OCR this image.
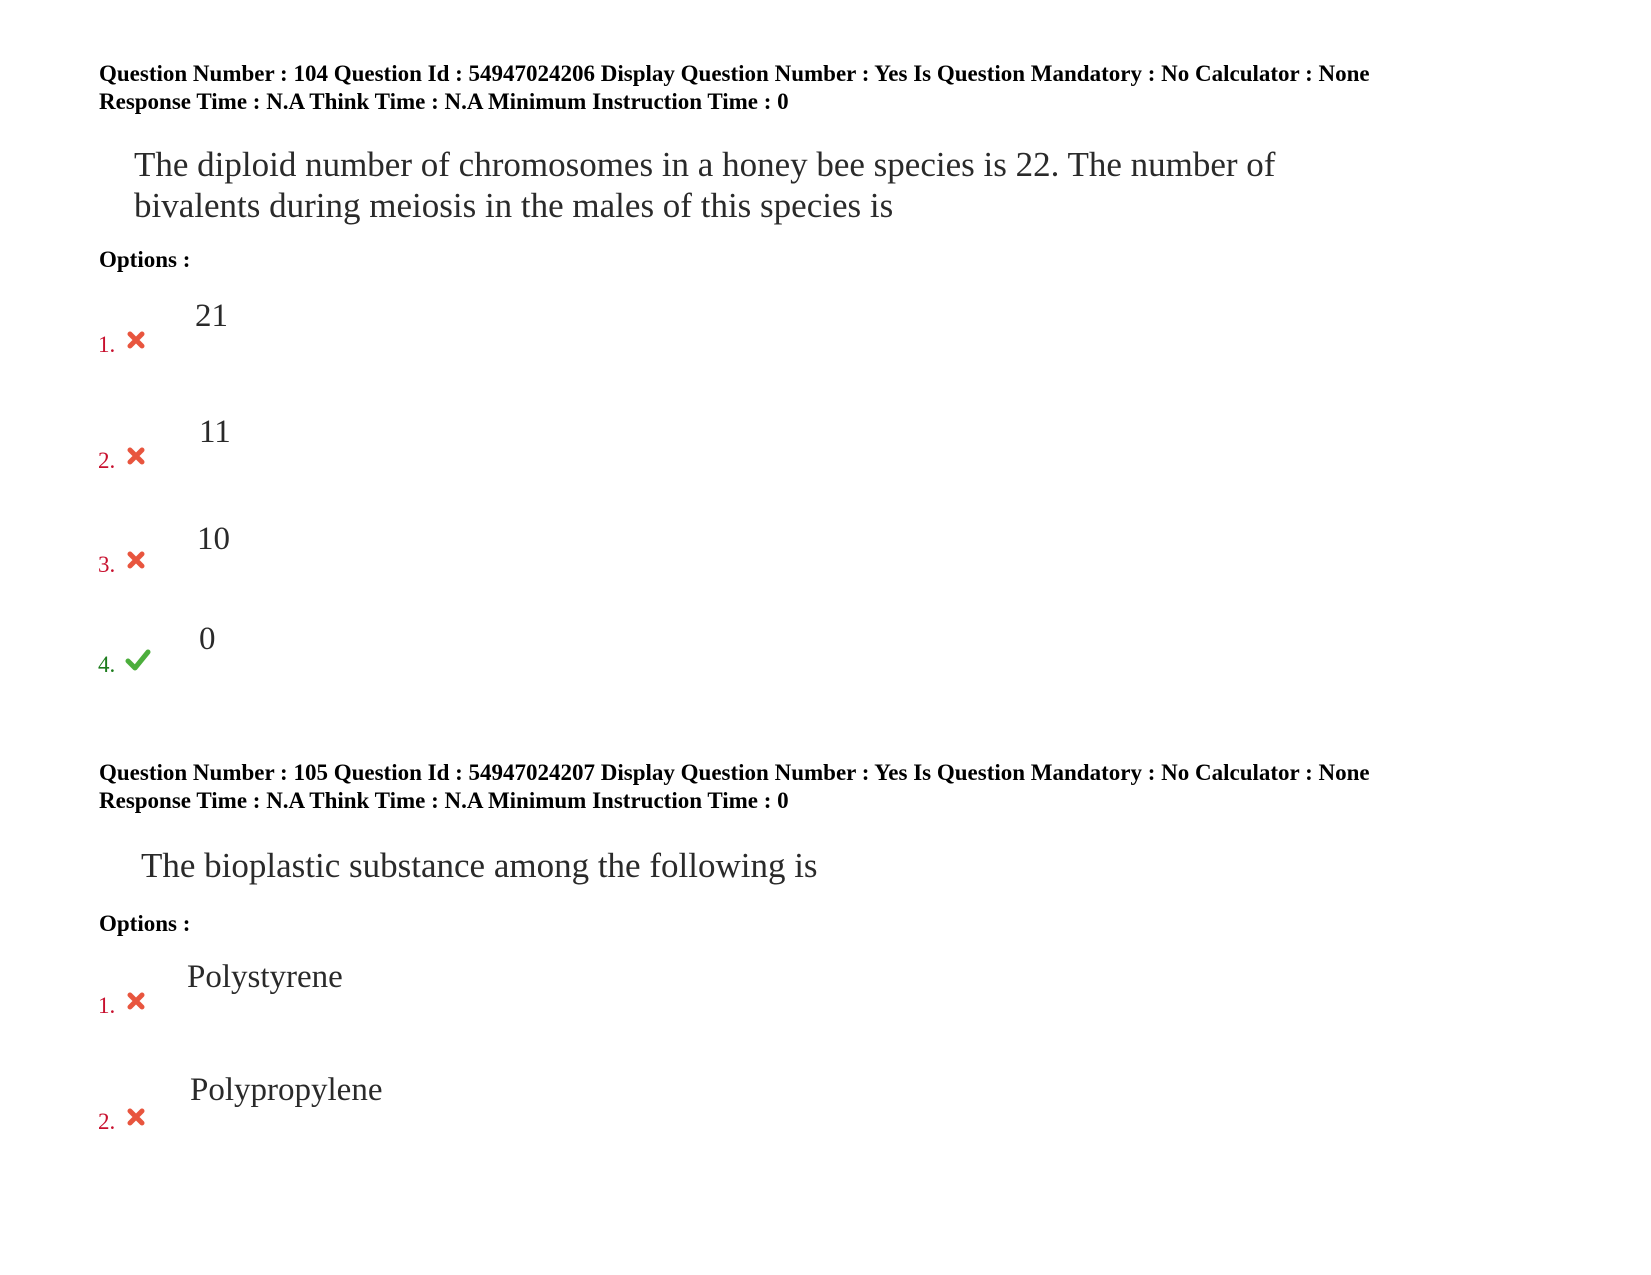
Question Number : 104 Question Id : 54947024206 Display Question Number : Yes Is Question Mandatory : No Calculator : None
Response Time : N.A Think Time : N.A Minimum Instruction Time : 0
The diploid number of chromosomes in a honey bee species is 22. The number of
bivalents during meiosis in the males of this species is
Options :
1.
21
2.
11
3.
10
4.
0
Question Number : 105 Question Id : 54947024207 Display Question Number : Yes Is Question Mandatory : No Calculator : None
Response Time : N.A Think Time : N.A Minimum Instruction Time : 0
The bioplastic substance among the following is
Options :
1.
Polystyrene
2.
Polypropylene
